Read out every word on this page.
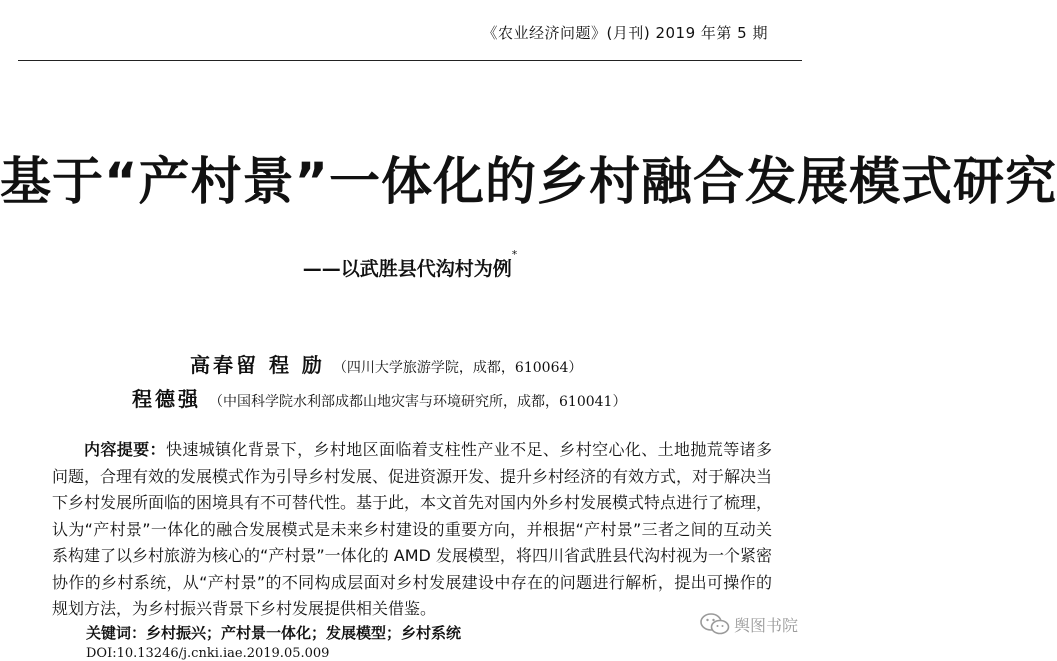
《农业经济问题》(月刊) 2019 年第 5 期
基于“产村景”一体化的乡村融合发展模式研究
——以武胜县代沟村为例*
高春留 程 励 （四川大学旅游学院，成都，610064）
程德强 （中国科学院水利部成都山地灾害与环境研究所，成都，610041）
内容提要：快速城镇化背景下，乡村地区面临着支柱性产业不足、乡村空心化、土地抛荒等诸多问题，合理有效的发展模式作为引导乡村发展、促进资源开发、提升乡村经济的有效方式，对于解决当下乡村发展所面临的困境具有不可替代性。基于此，本文首先对国内外乡村发展模式特点进行了梳理，认为“产村景”一体化的融合发展模式是未来乡村建设的重要方向，并根据“产村景”三者之间的互动关系构建了以乡村旅游为核心的“产村景”一体化的 AMD 发展模型，将四川省武胜县代沟村视为一个紧密协作的乡村系统，从“产村景”的不同构成层面对乡村发展建设中存在的问题进行解析，提出可操作的规划方法，为乡村振兴背景下乡村发展提供相关借鉴。
关键词：乡村振兴；产村景一体化；发展模型；乡村系统
DOI:10.13246/j.cnki.iae.2019.05.009
舆图书院
